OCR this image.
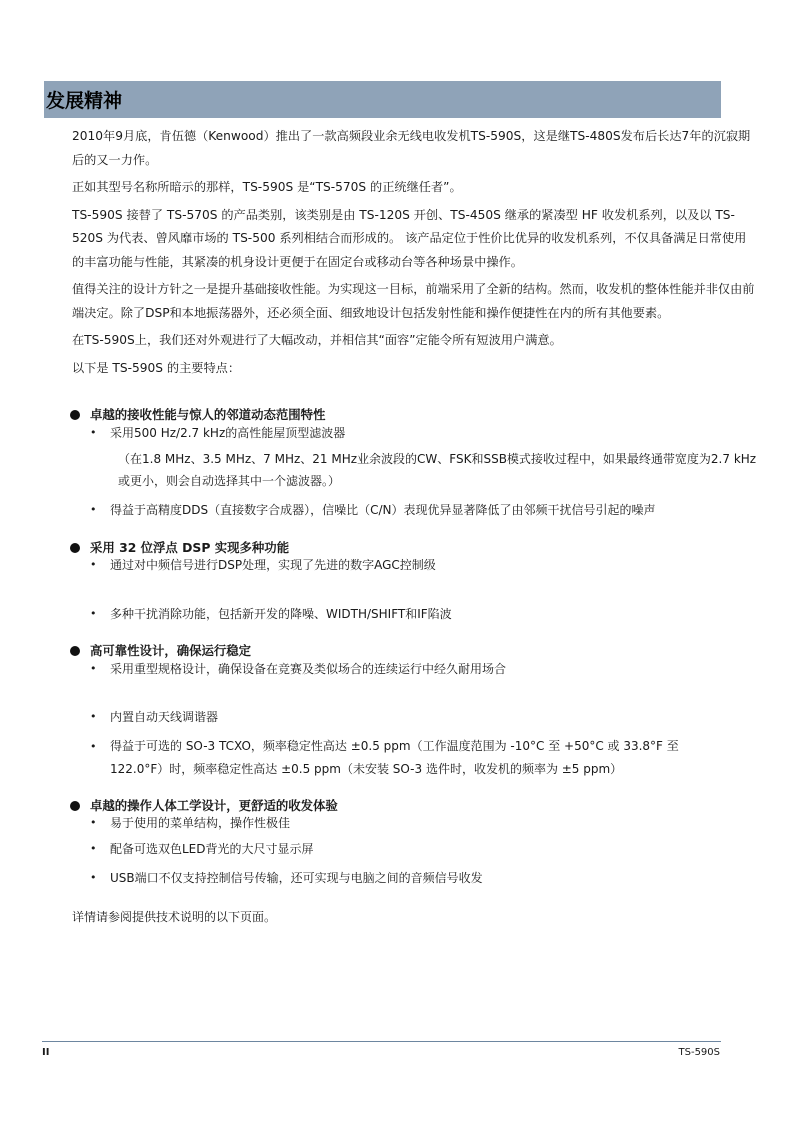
发展精神

2010年9月底，肯伍德（Kenwood）推出了一款高频段业余无线电收发机TS-590S，这是继TS-480S发布后长达7年的沉寂期后的又一力作。

正如其型号名称所暗示的那样，TS-590S 是“TS-570S 的正统继任者”。

TS-590S 接替了 TS-570S 的产品类别，该类别是由 TS-120S 开创、TS-450S 继承的紧凑型 HF 收发机系列，以及以 TS-520S 为代表、曾风靡市场的 TS-500 系列相结合而形成的。 该产品定位于性价比优异的收发机系列，不仅具备满足日常使用的丰富功能与性能，其紧凑的机身设计更便于在固定台或移动台等各种场景中操作。

值得关注的设计方针之一是提升基础接收性能。为实现这一目标，前端采用了全新的结构。然而，收发机的整体性能并非仅由前端决定。除了DSP和本地振荡器外，还必须全面、细致地设计包括发射性能和操作便捷性在内的所有其他要素。

在TS-590S上，我们还对外观进行了大幅改动，并相信其“面容”定能令所有短波用户满意。

以下是 TS-590S 的主要特点：

卓越的接收性能与惊人的邻道动态范围特性
• 采用500 Hz/2.7 kHz的高性能屋顶型滤波器
（在1.8 MHz、3.5 MHz、7 MHz、21 MHz业余波段的CW、FSK和SSB模式接收过程中，如果最终通带宽度为2.7 kHz或更小，则会自动选择其中一个滤波器。）
• 得益于高精度DDS（直接数字合成器），信噪比（C/N）表现优异显著降低了由邻频干扰信号引起的噪声
采用 32 位浮点 DSP 实现多种功能
• 通过对中频信号进行DSP处理，实现了先进的数字AGC控制级
• 多种干扰消除功能，包括新开发的降噪、WIDTH/SHIFT和IF陷波
高可靠性设计，确保运行稳定
• 采用重型规格设计，确保设备在竞赛及类似场合的连续运行中经久耐用场合
• 内置自动天线调谐器
• 得益于可选的 SO-3 TCXO，频率稳定性高达 ±0.5 ppm（工作温度范围为 -10°C 至 +50°C 或 33.8°F 至 122.0°F）时，频率稳定性高达 ±0.5 ppm（未安装 SO-3 选件时，收发机的频率为 ±5 ppm）
卓越的操作人体工学设计，更舒适的收发体验
• 易于使用的菜单结构，操作性极佳
• 配备可选双色LED背光的大尺寸显示屏
• USB端口不仅支持控制信号传输，还可实现与电脑之间的音频信号收发
详情请参阅提供技术说明的以下页面。
II	TS-590S
